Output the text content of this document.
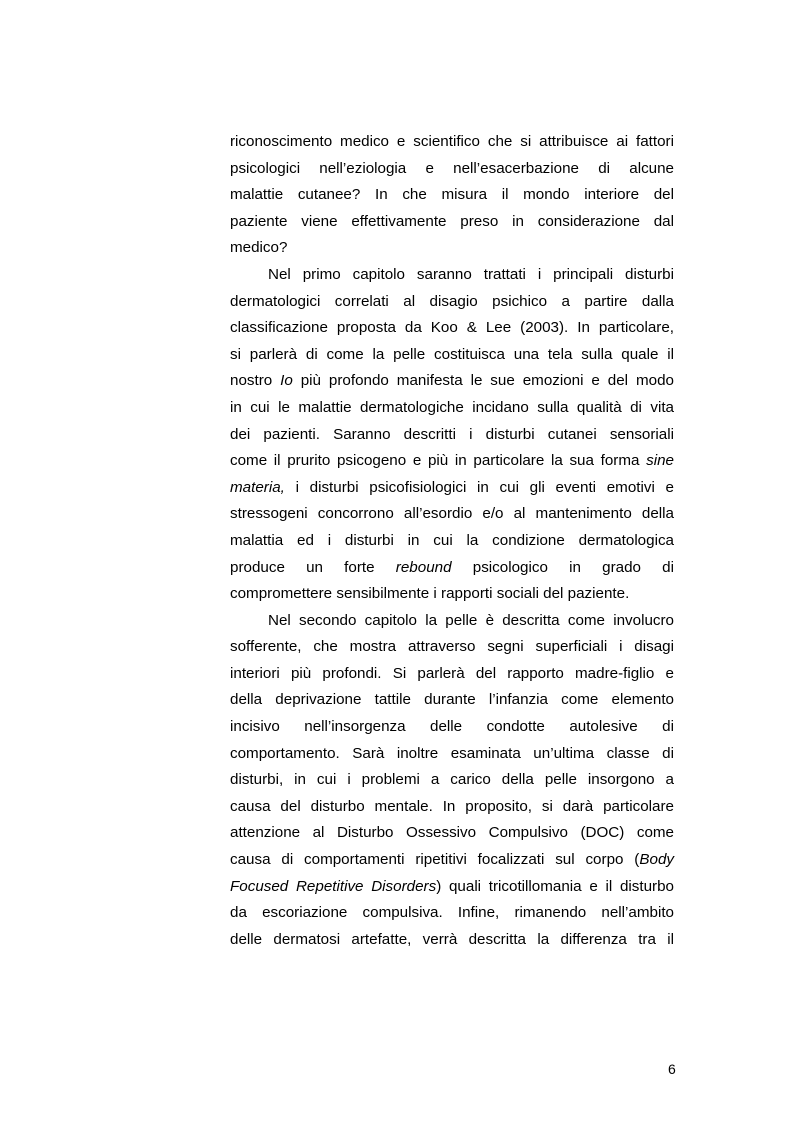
riconoscimento medico e scientifico che si attribuisce ai fattori
psicologici nell’eziologia e nell’esacerbazione di alcune
malattie cutanee? In che misura il mondo interiore del
paziente viene effettivamente preso in considerazione dal
medico?
Nel primo capitolo saranno trattati i principali disturbi
dermatologici correlati al disagio psichico a partire dalla
classificazione proposta da Koo & Lee (2003). In particolare,
si parlerà di come la pelle costituisca una tela sulla quale il
nostro Io più profondo manifesta le sue emozioni e del modo
in cui le malattie dermatologiche incidano sulla qualità di vita
dei pazienti. Saranno descritti i disturbi cutanei sensoriali
come il prurito psicogeno e più in particolare la sua forma sine
materia, i disturbi psicofisiologici in cui gli eventi emotivi e
stressogeni concorrono all’esordio e/o al mantenimento della
malattia ed i disturbi in cui la condizione dermatologica
produce un forte rebound psicologico in grado di
compromettere sensibilmente i rapporti sociali del paziente.
Nel secondo capitolo la pelle è descritta come involucro
sofferente, che mostra attraverso segni superficiali i disagi
interiori più profondi. Si parlerà del rapporto madre-figlio e
della deprivazione tattile durante l’infanzia come elemento
incisivo nell’insorgenza delle condotte autolesive di
comportamento. Sarà inoltre esaminata un’ultima classe di
disturbi, in cui i problemi a carico della pelle insorgono a
causa del disturbo mentale. In proposito, si darà particolare
attenzione al Disturbo Ossessivo Compulsivo (DOC) come
causa di comportamenti ripetitivi focalizzati sul corpo (Body
Focused Repetitive Disorders) quali tricotillomania e il disturbo
da escoriazione compulsiva. Infine, rimanendo nell’ambito
delle dermatosi artefatte, verrà descritta la differenza tra il
6
